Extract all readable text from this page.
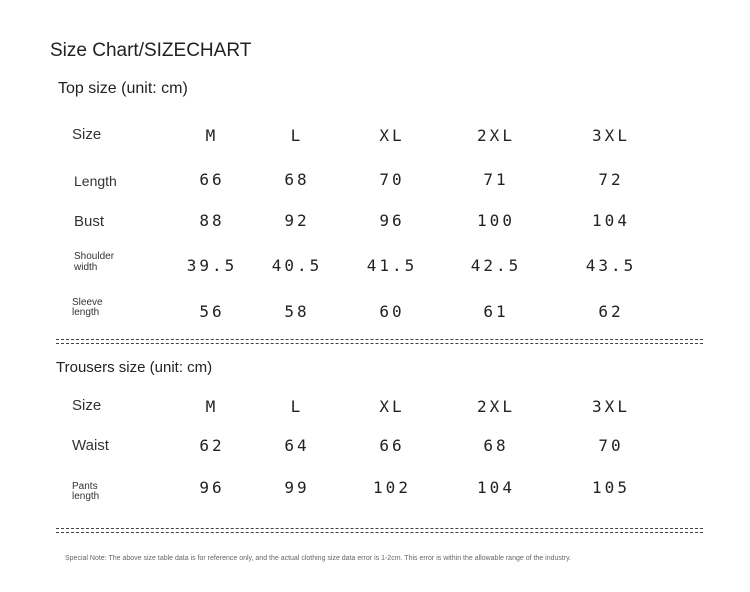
Size Chart/SIZECHART
Top size (unit: cm)
Size	M	L	XL	2XL	3XL
Length	66	68	70	71	72
Bust	88	92	96	100	104
Shoulder
width	39.5	40.5	41.5	42.5	43.5
Sleeve
length	56	58	60	61	62
Trousers size (unit: cm)
Size	M	L	XL	2XL	3XL
Waist	62	64	66	68	70
Pants
length	96	99	102	104	105
Special Note: The above size table data is for reference only, and the actual clothing size data error is 1-2cm. This error is within the allowable range of the industry.
